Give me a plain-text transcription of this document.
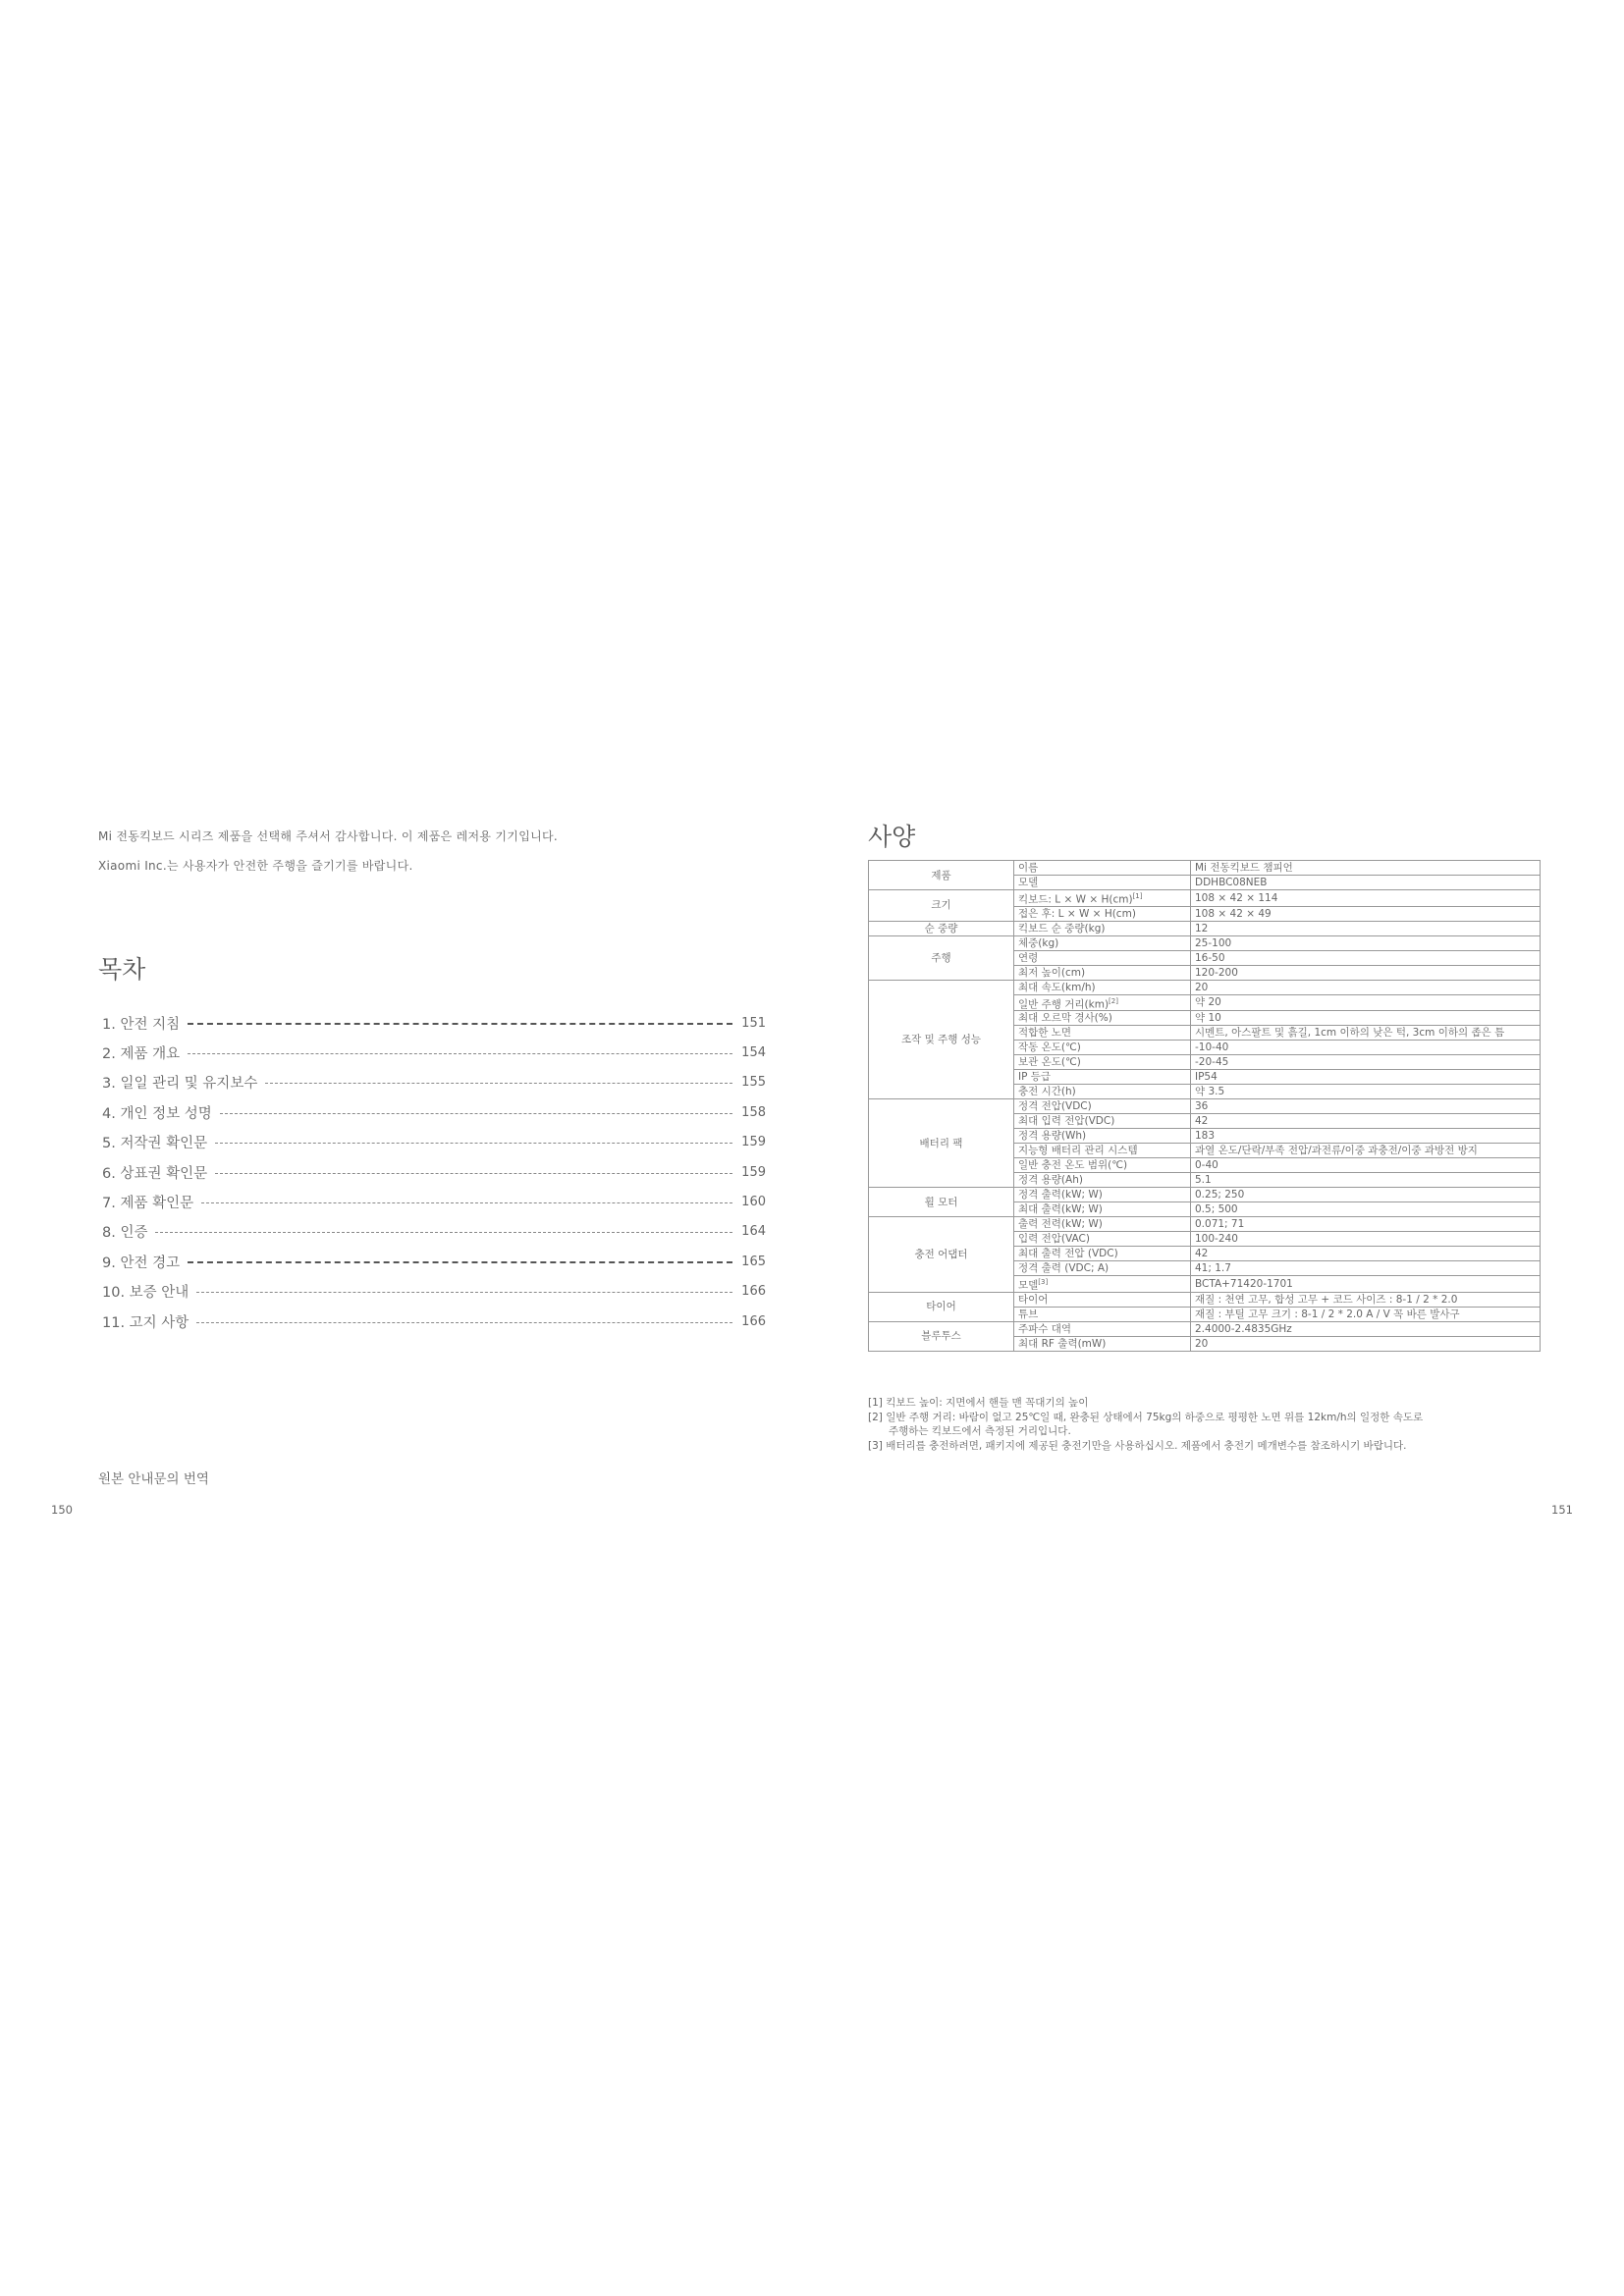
Mi 전동킥보드 시리즈 제품을 선택해 주셔서 감사합니다. 이 제품은 레저용 기기입니다.
Xiaomi Inc.는 사용자가 안전한 주행을 즐기기를 바랍니다.
목차
1. 안전 지침	151
2. 제품 개요	154
3. 일일 관리 및 유지보수	155
4. 개인 정보 성명	158
5. 저작권 확인문	159
6. 상표권 확인문	159
7. 제품 확인문	160
8. 인증	164
9. 안전 경고	165
10. 보증 안내	166
11. 고지 사항	166
원본 안내문의 번역
150
사양
제품	이름	Mi 전동킥보드 챔피언
	모델	DDHBC08NEB
크기	킥보드: L × W × H(cm)[1]	108 × 42 × 114
	접은 후: L × W × H(cm)	108 × 42 × 49
순 중량	킥보드 순 중량(kg)	12
주행	체중(kg)	25-100
	연령	16-50
	최저 높이(cm)	120-200
조작 및 주행 성능	최대 속도(km/h)	20
	일반 주행 거리(km)[2]	약 20
	최대 오르막 경사(%)	약 10
	적합한 노면	시멘트, 아스팔트 및 흙길, 1cm 이하의 낮은 턱, 3cm 이하의 좁은 틈
	작동 온도(℃)	-10-40
	보관 온도(℃)	-20-45
	IP 등급	IP54
	충전 시간(h)	약 3.5
배터리 팩	정격 전압(VDC)	36
	최대 입력 전압(VDC)	42
	정격 용량(Wh)	183
	지능형 배터리 관리 시스템	과열 온도/단락/부족 전압/과전류/이중 과충전/이중 과방전 방지
	일반 충전 온도 범위(℃)	0-40
	정격 용량(Ah)	5.1
휠 모터	정격 출력(kW; W)	0.25; 250
	최대 출력(kW; W)	0.5; 500
충전 어댑터	출력 전력(kW; W)	0.071; 71
	입력 전압(VAC)	100-240
	최대 출력 전압 (VDC)	42
	정격 출력 (VDC; A)	41; 1.7
	모델[3]	BCTA+71420-1701
타이어	타이어	재질 : 천연 고무, 합성 고무 + 코드 사이즈 : 8-1 / 2 * 2.0
	튜브	재질 : 부틸 고무 크기 : 8-1 / 2 * 2.0 A / V 꼭 바른 발사구
블루투스	주파수 대역	2.4000-2.4835GHz
	최대 RF 출력(mW)	20
[1] 킥보드 높이: 지면에서 핸들 맨 꼭대기의 높이
[2] 일반 주행 거리: 바람이 없고 25℃일 때, 완충된 상태에서 75kg의 하중으로 평평한 노면 위를 12km/h의 일정한 속도로
주행하는 킥보드에서 측정된 거리입니다.
[3] 배터리를 충전하려면, 패키지에 제공된 충전기만을 사용하십시오. 제품에서 충전기 메개변수를 참조하시기 바랍니다.
151
